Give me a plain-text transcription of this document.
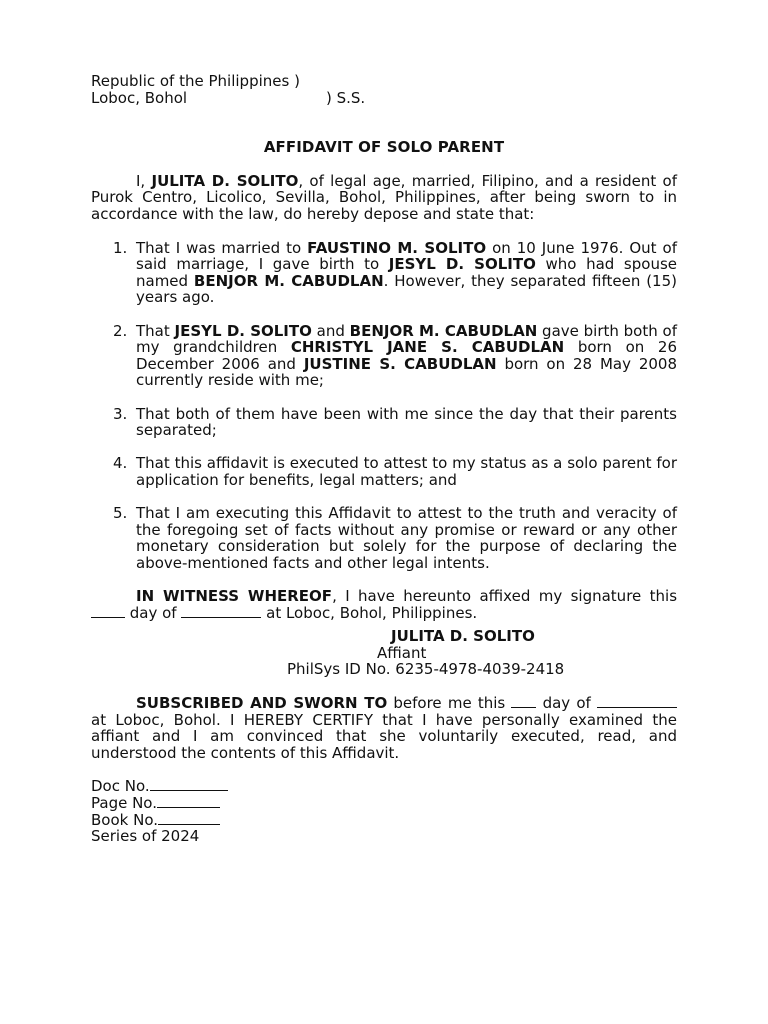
Republic of the Philippines )

Loboc, Bohol	) S.S.

AFFIDAVIT OF SOLO PARENT

I, JULITA D. SOLITO, of legal age, married, Filipino, and a resident of Purok Centro, Licolico, Sevilla, Bohol, Philippines, after being sworn to in accordance with the law, do hereby depose and state that:

1. That I was married to FAUSTINO M. SOLITO on 10 June 1976. Out of said marriage, I gave birth to JESYL D. SOLITO who had spouse named BENJOR M. CABUDLAN. However, they separated fifteen (15) years ago.
2. That JESYL D. SOLITO and BENJOR M. CABUDLAN gave birth both of my grandchildren CHRISTYL JANE S. CABUDLAN born on 26 December 2006 and JUSTINE S. CABUDLAN born on 28 May 2008 currently reside with me;
3. That both of them have been with me since the day that their parents separated;
4. That this affidavit is executed to attest to my status as a solo parent for application for benefits, legal matters; and
5. That I am executing this Affidavit to attest to the truth and veracity of the foregoing set of facts without any promise or reward or any other monetary consideration but solely for the purpose of declaring the above-mentioned facts and other legal intents.

IN WITNESS WHEREOF, I have hereunto affixed my signature this  day of	at Loboc, Bohol, Philippines.

JULITA D. SOLITO

Affiant

PhilSys ID No. 6235-4978-4039-2418

SUBSCRIBED AND SWORN TO before me this  day of at Loboc, Bohol. I HEREBY CERTIFY that I have personally examined the affiant and I am convinced that she voluntarily executed, read, and understood the contents of this Affidavit.

Doc No.

Page No.

Book No.

Series of 2024
